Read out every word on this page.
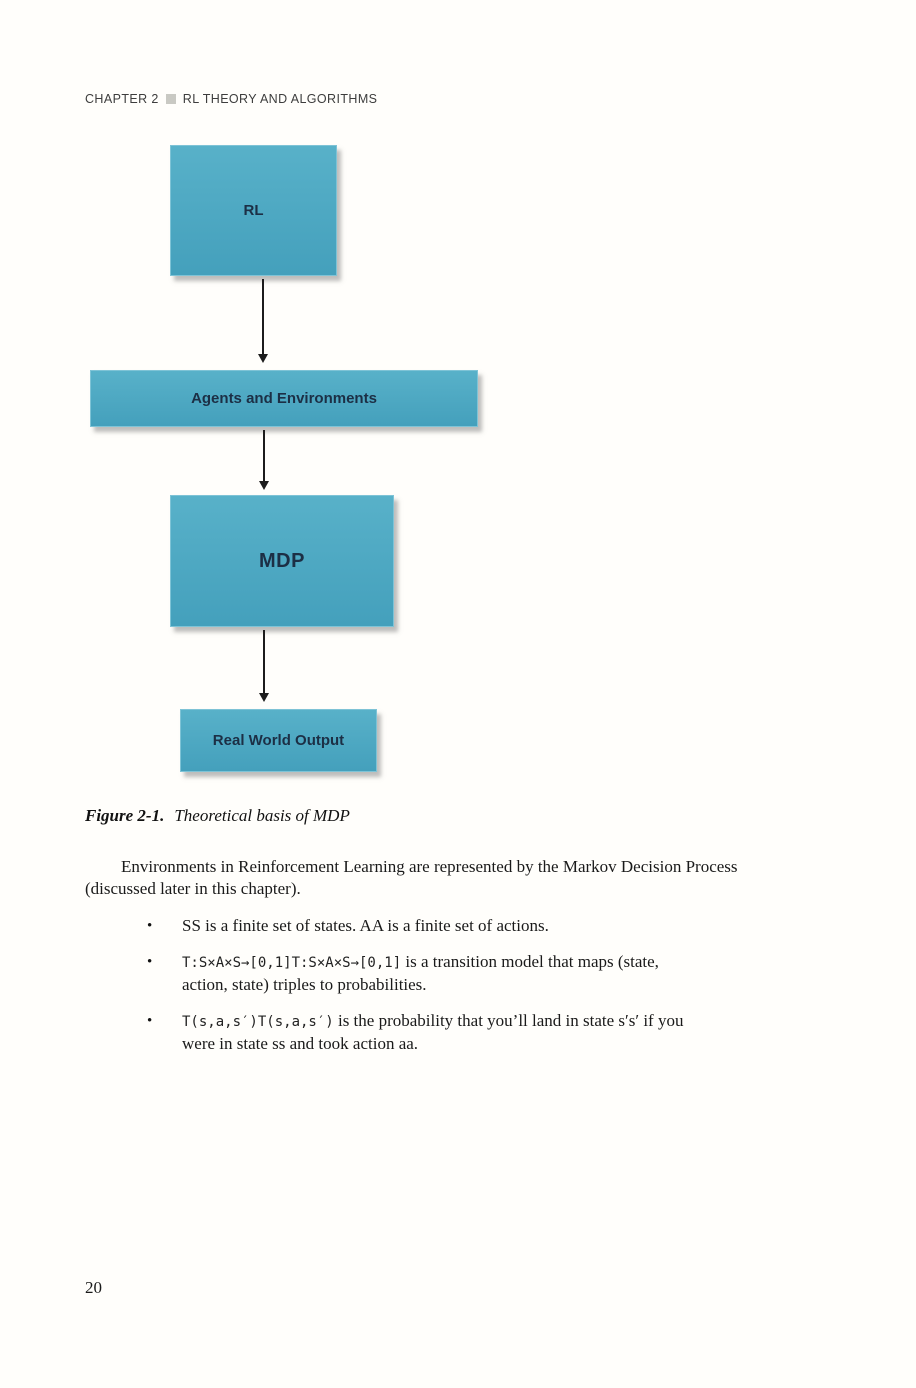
CHAPTER 2 RL THEORY AND ALGORITHMS
RL
Agents and Environments
MDP
Real World Output
Figure 2-1. Theoretical basis of MDP

Environments in Reinforcement Learning are represented by the Markov Decision Process (discussed later in this chapter).

• SS is a finite set of states. AA is a finite set of actions.
• T:S×A×S→[0,1]T:S×A×S→[0,1] is a transition model that maps (state, action, state) triples to probabilities.
• T(s,a,s′)T(s,a,s′) is the probability that you’ll land in state s′s′ if you were in state ss and took action aa.
20
